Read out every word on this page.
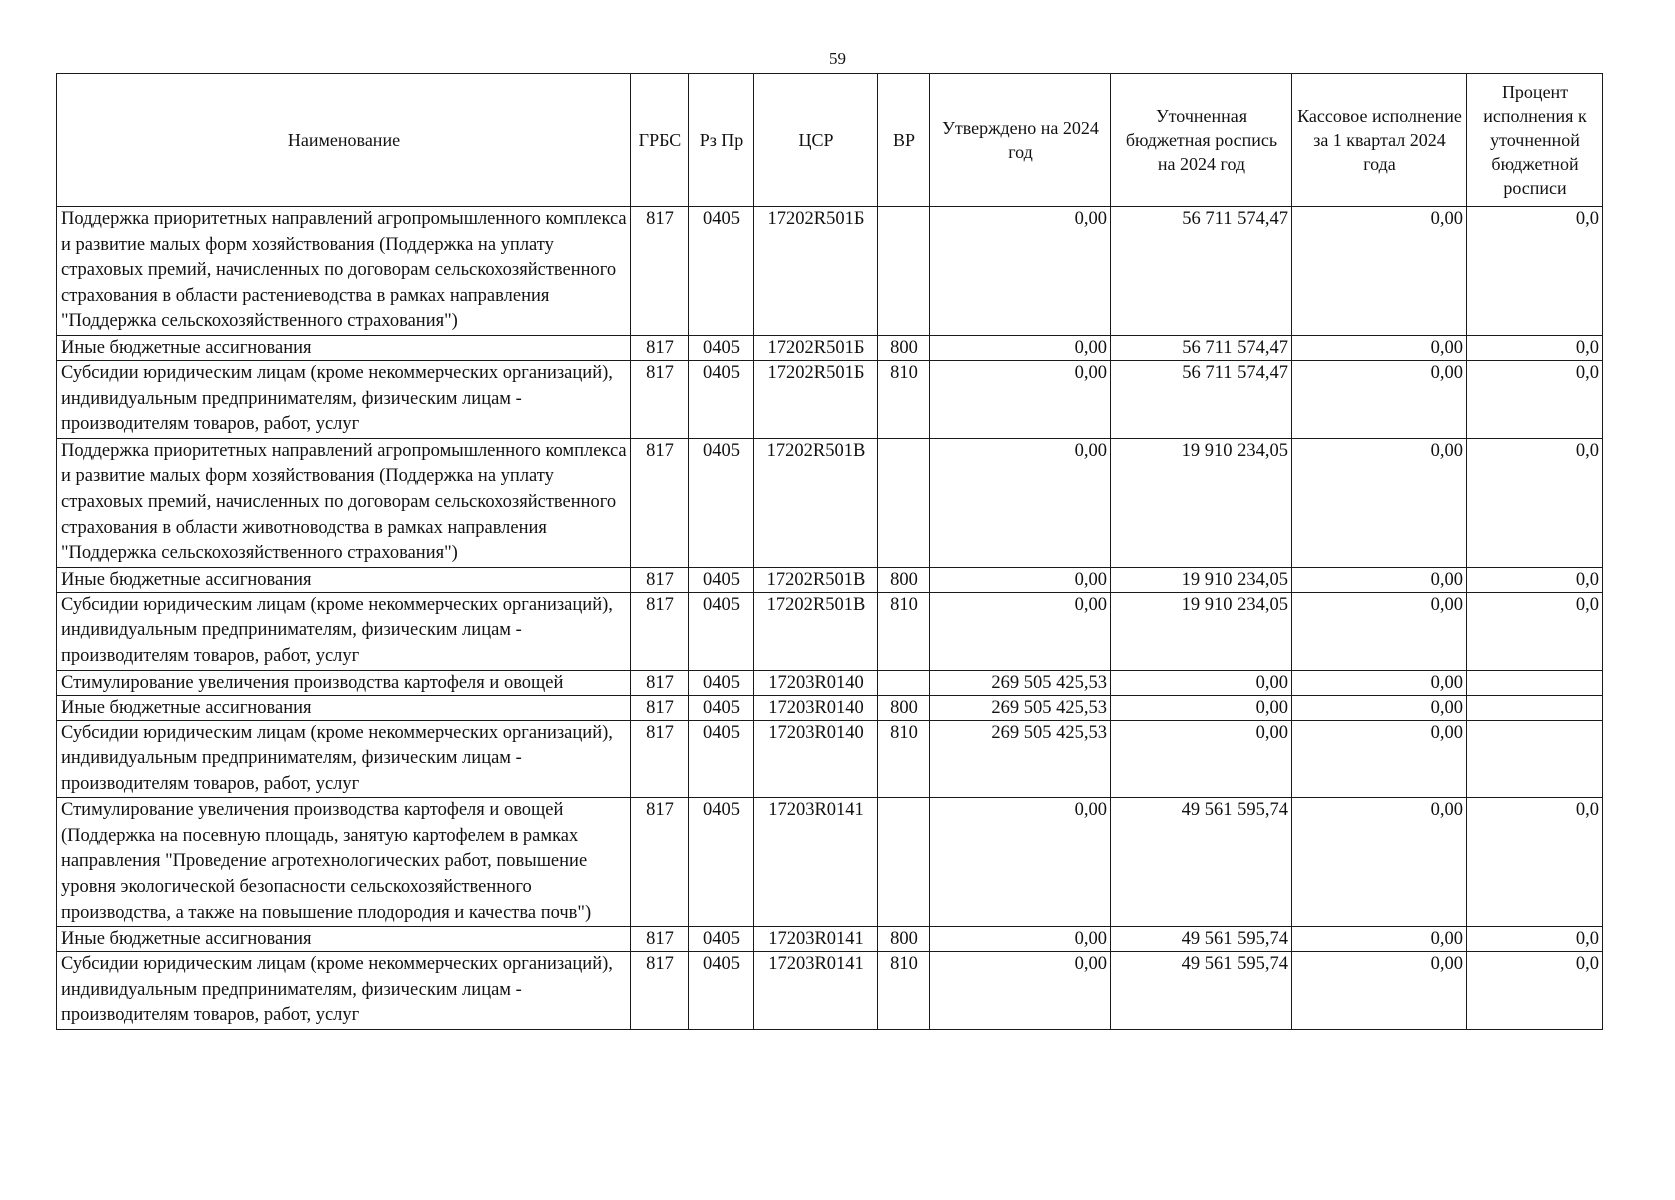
59
Наименование	ГРБС	Рз Пр	ЦСР	ВР	Утверждено на 2024 год	Уточненная бюджетная роспись на 2024 год	Кассовое исполнение за 1 квартал 2024 года	Процент исполнения к уточненной бюджетной росписи
Поддержка приоритетных направлений агропромышленного комплекса и развитие малых форм хозяйствования (Поддержка на уплату страховых премий, начисленных по договорам сельскохозяйственного страхования в области растениеводства в рамках направления "Поддержка сельскохозяйственного страхования")	817	0405	17202R501Б		0,00	56 711 574,47	0,00	0,0
Иные бюджетные ассигнования	817	0405	17202R501Б	800	0,00	56 711 574,47	0,00	0,0
Субсидии юридическим лицам (кроме некоммерческих организаций), индивидуальным предпринимателям, физическим лицам - производителям товаров, работ, услуг	817	0405	17202R501Б	810	0,00	56 711 574,47	0,00	0,0
Поддержка приоритетных направлений агропромышленного комплекса и развитие малых форм хозяйствования (Поддержка на уплату страховых премий, начисленных по договорам сельскохозяйственного страхования в области животноводства в рамках направления "Поддержка сельскохозяйственного страхования")	817	0405	17202R501В		0,00	19 910 234,05	0,00	0,0
Иные бюджетные ассигнования	817	0405	17202R501В	800	0,00	19 910 234,05	0,00	0,0
Субсидии юридическим лицам (кроме некоммерческих организаций), индивидуальным предпринимателям, физическим лицам - производителям товаров, работ, услуг	817	0405	17202R501В	810	0,00	19 910 234,05	0,00	0,0
Стимулирование увеличения производства картофеля и овощей	817	0405	17203R0140		269 505 425,53	0,00	0,00	
Иные бюджетные ассигнования	817	0405	17203R0140	800	269 505 425,53	0,00	0,00	
Субсидии юридическим лицам (кроме некоммерческих организаций), индивидуальным предпринимателям, физическим лицам - производителям товаров, работ, услуг	817	0405	17203R0140	810	269 505 425,53	0,00	0,00	
Стимулирование увеличения производства картофеля и овощей (Поддержка на посевную площадь, занятую картофелем в рамках направления "Проведение агротехнологических работ, повышение уровня экологической безопасности сельскохозяйственного производства, а также на повышение плодородия и качества почв")	817	0405	17203R0141		0,00	49 561 595,74	0,00	0,0
Иные бюджетные ассигнования	817	0405	17203R0141	800	0,00	49 561 595,74	0,00	0,0
Субсидии юридическим лицам (кроме некоммерческих организаций), индивидуальным предпринимателям, физическим лицам - производителям товаров, работ, услуг	817	0405	17203R0141	810	0,00	49 561 595,74	0,00	0,0
